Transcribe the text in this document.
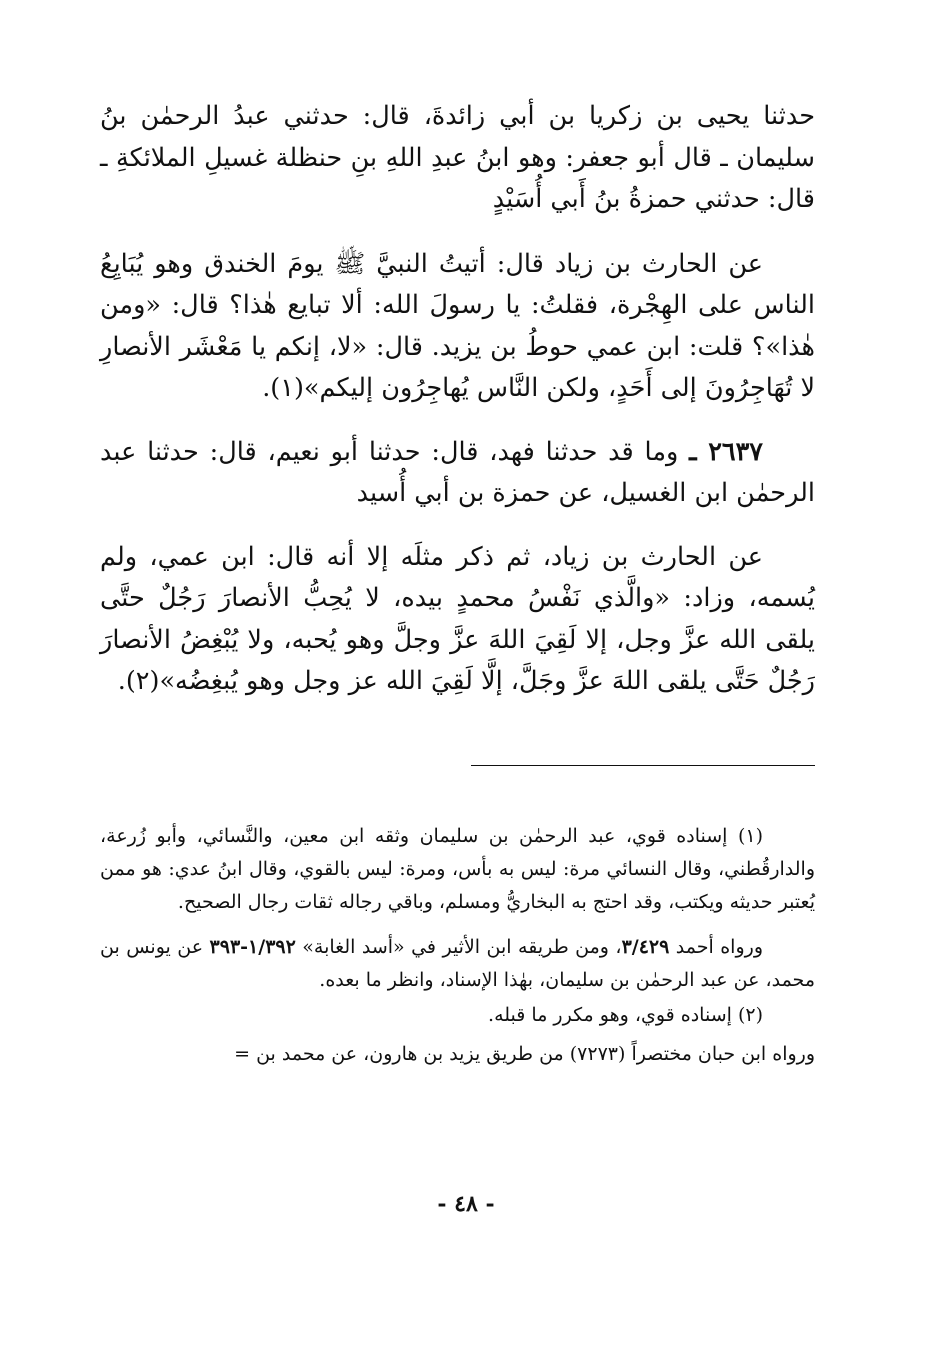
حدثنا يحيى بن زكريا بن أبي زائدةَ، قال: حدثني عبدُ الرحمٰن بنُ سليمان ـ قال أبو جعفر: وهو ابنُ عبدِ اللهِ بنِ حنظلة غسيلِ الملائكةِ ـ قال: حدثني حمزةُ بنُ أَبي أُسَيْدٍ

عن الحارث بن زياد قال: أتيتُ النبيَّ ﷺ يومَ الخندق وهو يُبَايِعُ الناس على الهِجْرة، فقلتُ: يا رسولَ الله: ألا تبايع هٰذا؟ قال: «ومن هٰذا»؟ قلت: ابن عمي حوطُ بن يزيد. قال: «لا، إنكم يا مَعْشَر الأنصارِ لا تُهَاجِرُونَ إلى أَحَدٍ، ولكن النَّاس يُهاجِرُون إليكم»(١).

٢٦٣٧ ـ وما قد حدثنا فهد، قال: حدثنا أبو نعيم، قال: حدثنا عبد الرحمٰن ابن الغسيل، عن حمزة بن أبي أُسيد

عن الحارث بن زياد، ثم ذكر مثلَه إلا أنه قال: ابن عمي، ولم يُسمه، وزاد: «والَّذي نَفْسُ محمدٍ بيده، لا يُحِبُّ الأنصارَ رَجُلٌ حتَّى يلقى الله عزَّ وجل، إلا لَقِيَ اللهَ عزَّ وجلَّ وهو يُحبه، ولا يُبْغِضُ الأنصارَ رَجُلٌ حَتَّى يلقى اللهَ عزَّ وجَلَّ، إلَّا لَقِيَ الله عز وجل وهو يُبغِضُه»(٢).

(١) إسناده قوي، عبد الرحمٰن بن سليمان وثقه ابن معين، والنَّسائي، وأبو زُرعة، والدارقُطني، وقال النسائي مرة: ليس به بأس، ومرة: ليس بالقوي، وقال ابنُ عدي: هو ممن يُعتبر حديثه ويكتب، وقد احتج به البخاريُّ ومسلم، وباقي رجاله ثقات رجال الصحيح.

ورواه أحمد ٣/٤٢٩، ومن طريقه ابن الأثير في «أسد الغابة» ١/٣٩٢-٣٩٣ عن يونس بن محمد، عن عبد الرحمٰن بن سليمان، بهٰذا الإسناد، وانظر ما بعده.

(٢) إسناده قوي، وهو مكرر ما قبله.

ورواه ابن حبان مختصراً (٧٢٧٣) من طريق يزيد بن هارون، عن محمد بن =

- ٤٨ -
